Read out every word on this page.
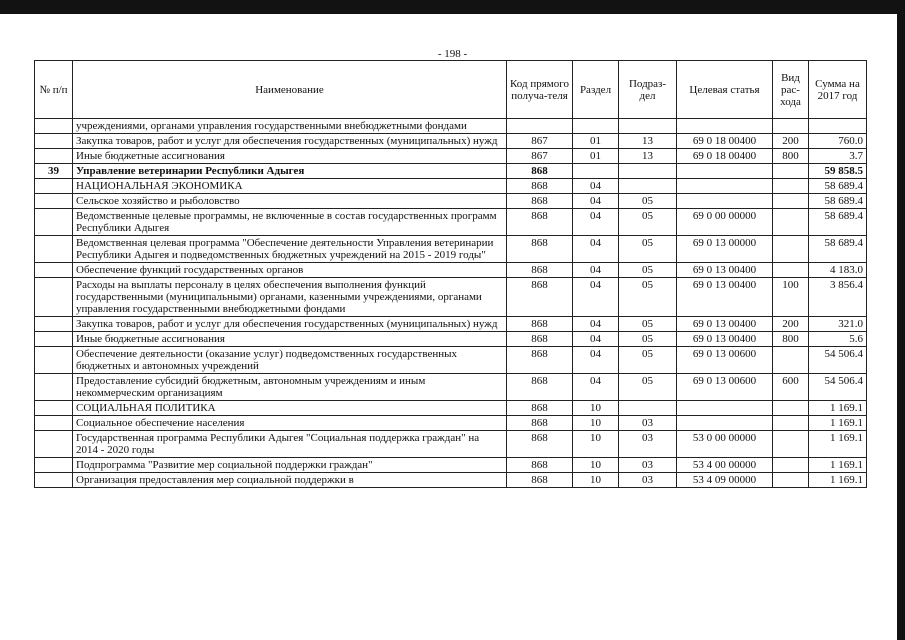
- 198 -
№ п/п	Наименование	Код прямого получа-теля	Раздел	Подраз-дел	Целевая статья	Вид рас-хода	Сумма на 2017 год
	учреждениями, органами управления государственными внебюджетными фондами						
	Закупка товаров, работ и услуг для обеспечения государственных (муниципальных) нужд	867	01	13	69 0 18 00400	200	760.0
	Иные бюджетные ассигнования	867	01	13	69 0 18 00400	800	3.7
39	Управление ветеринарии Республики Адыгея	868					59 858.5
	НАЦИОНАЛЬНАЯ ЭКОНОМИКА	868	04				58 689.4
	Сельское хозяйство и рыболовство	868	04	05			58 689.4
	Ведомственные целевые программы, не включенные в состав государственных программ Республики Адыгея	868	04	05	69 0 00 00000		58 689.4
	Ведомственная целевая программа "Обеспечение деятельности Управления ветеринарии Республики Адыгея и подведомственных бюджетных учреждений на 2015 - 2019 годы"	868	04	05	69 0 13 00000		58 689.4
	Обеспечение функций государственных органов	868	04	05	69 0 13 00400		4 183.0
	Расходы на выплаты персоналу в целях обеспечения выполнения функций государственными (муниципальными) органами, казенными учреждениями, органами управления государственными внебюджетными фондами	868	04	05	69 0 13 00400	100	3 856.4
	Закупка товаров, работ и услуг для обеспечения государственных (муниципальных) нужд	868	04	05	69 0 13 00400	200	321.0
	Иные бюджетные ассигнования	868	04	05	69 0 13 00400	800	5.6
	Обеспечение деятельности (оказание услуг) подведомственных государственных бюджетных и автономных учреждений	868	04	05	69 0 13 00600		54 506.4
	Предоставление субсидий бюджетным, автономным учреждениям и иным некоммерческим организациям	868	04	05	69 0 13 00600	600	54 506.4
	СОЦИАЛЬНАЯ ПОЛИТИКА	868	10				1 169.1
	Социальное обеспечение населения	868	10	03			1 169.1
	Государственная программа Республики Адыгея "Социальная поддержка граждан" на 2014 - 2020 годы	868	10	03	53 0 00 00000		1 169.1
	Подпрограмма "Развитие мер социальной поддержки граждан"	868	10	03	53 4 00 00000		1 169.1
	Организация предоставления мер социальной поддержки в	868	10	03	53 4 09 00000		1 169.1
